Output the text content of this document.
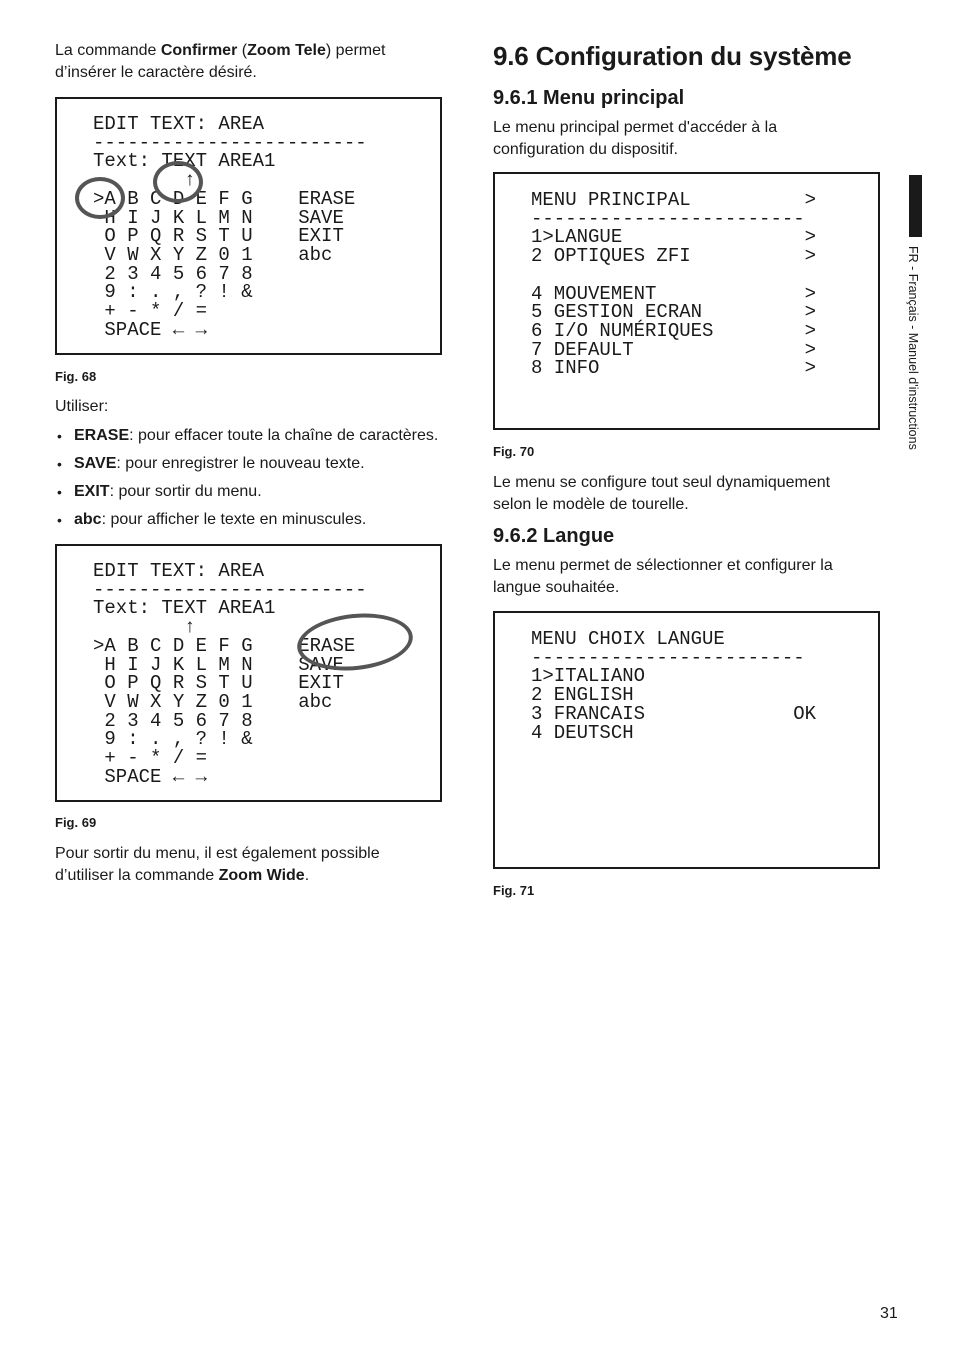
La commande Confirmer (Zoom Tele) permet
d’insérer le caractère désiré.

EDIT TEXT: AREA
------------------------
Text: TEXT AREA1
↑
>A B C D E F G    ERASE
H I J K L M N    SAVE
O P Q R S T U    EXIT
V W X Y Z 0 1    abc
2 3 4 5 6 7 8
9 : . , ? ! &
+ - * / =
SPACE ← →
Fig. 68

Utiliser:

• ERASE: pour effacer toute la chaîne de caractères.
• SAVE: pour enregistrer le nouveau texte.
• EXIT: pour sortir du menu.
• abc: pour afficher le texte en minuscules.
EDIT TEXT: AREA
------------------------
Text: TEXT AREA1
↑
>A B C D E F G    ERASE
H I J K L M N    SAVE
O P Q R S T U    EXIT
V W X Y Z 0 1    abc
2 3 4 5 6 7 8
9 : . , ? ! &
+ - * / =
SPACE ← →
Fig. 69

Pour sortir du menu, il est également possible
d’utiliser la commande Zoom Wide.

9.6 Configuration du système
9.6.1 Menu principal

Le menu principal permet d'accéder à la
configuration du dispositif.

MENU PRINCIPAL          >
------------------------
1>LANGUE                >
2 OPTIQUES ZFI          >

4 MOUVEMENT             >
5 GESTION ECRAN         >
6 I/O NUMÉRIQUES        >
7 DEFAULT               >
8 INFO                  >
Fig. 70

Le menu se configure tout seul dynamiquement
selon le modèle de tourelle.

9.6.2 Langue

Le menu permet de sélectionner et configurer la
langue souhaitée.

MENU CHOIX LANGUE
------------------------
1>ITALIANO
2 ENGLISH
3 FRANCAIS             OK
4 DEUTSCH
Fig. 71
FR - Français - Manuel d'instructions
31
